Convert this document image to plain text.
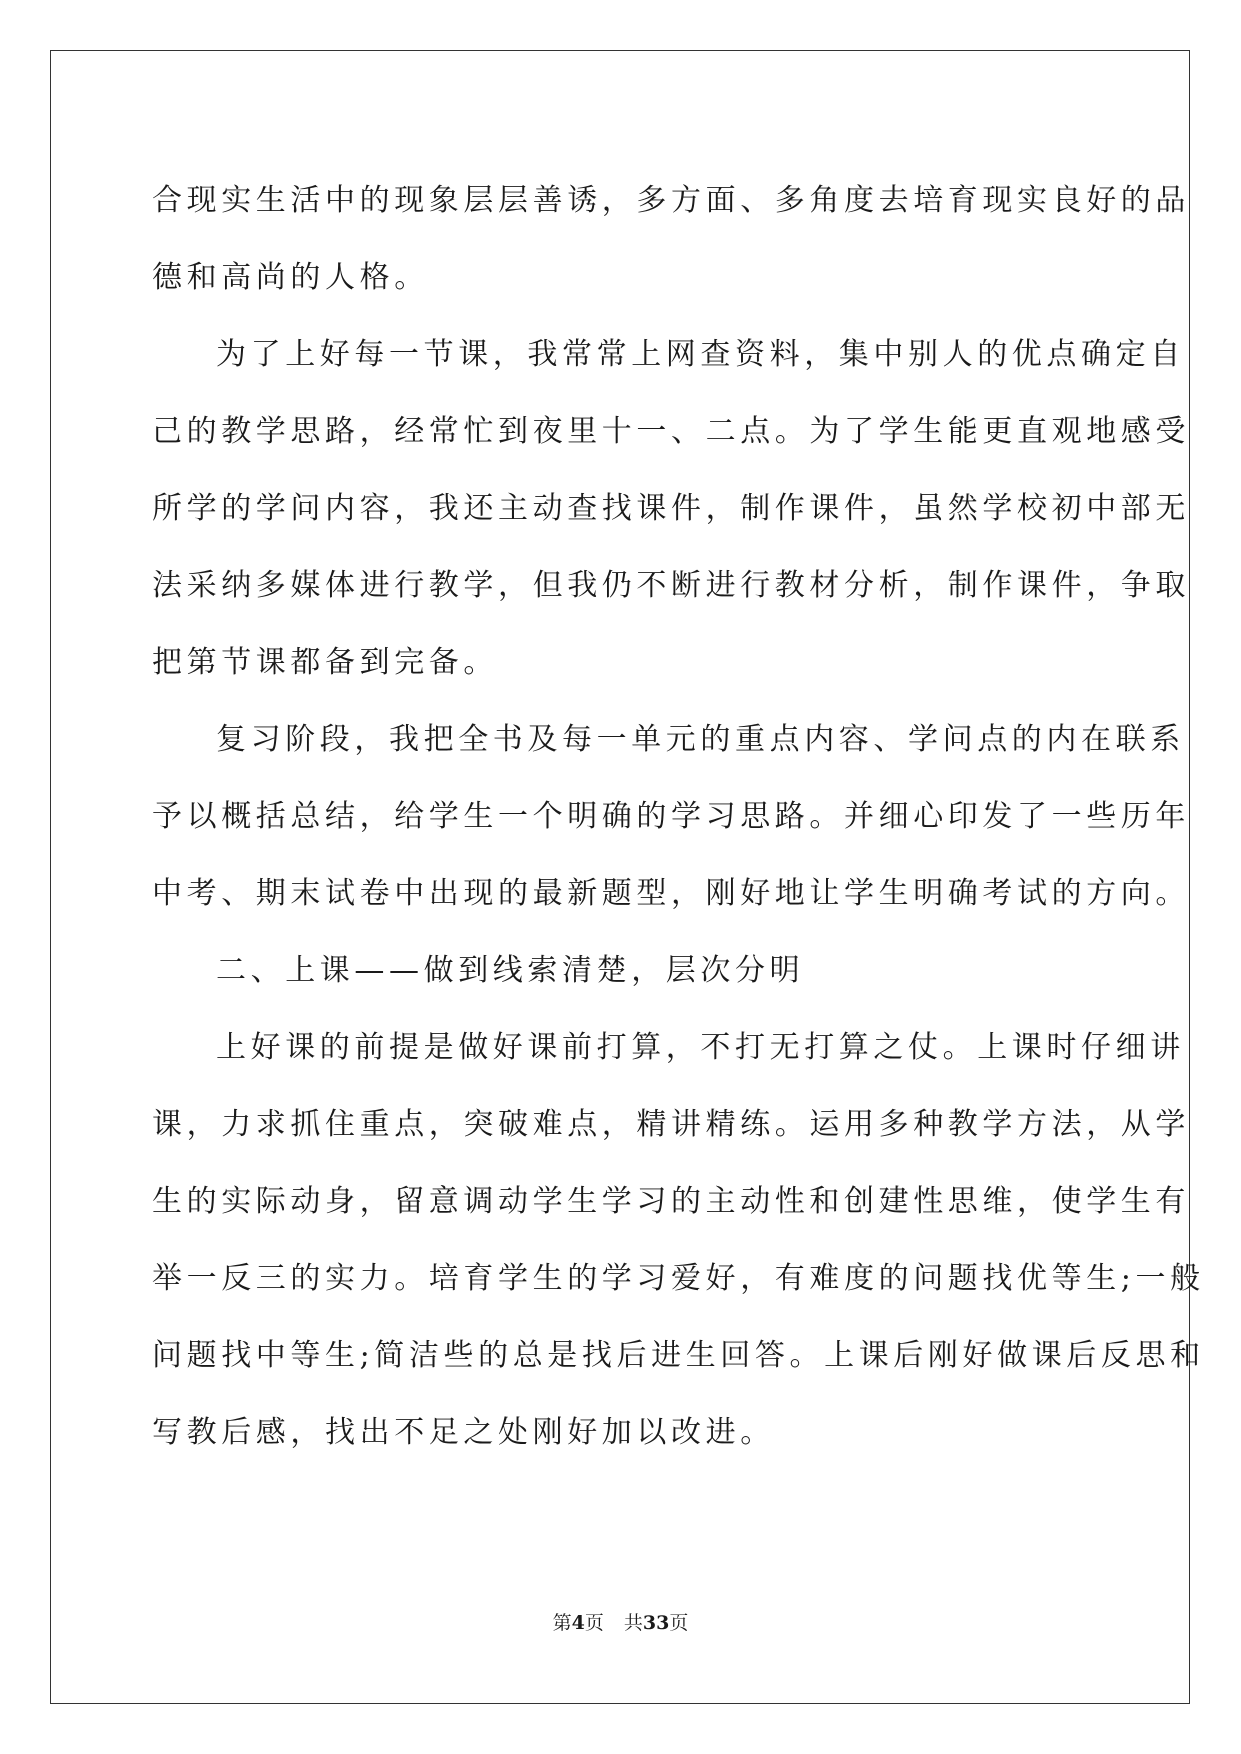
合现实生活中的现象层层善诱，多方面、多角度去培育现实良好的品
德和高尚的人格。
为了上好每一节课，我常常上网查资料，集中别人的优点确定自
己的教学思路，经常忙到夜里十一、二点。为了学生能更直观地感受
所学的学问内容，我还主动查找课件，制作课件，虽然学校初中部无
法采纳多媒体进行教学，但我仍不断进行教材分析，制作课件，争取
把第节课都备到完备。
复习阶段，我把全书及每一单元的重点内容、学问点的内在联系
予以概括总结，给学生一个明确的学习思路。并细心印发了一些历年
中考、期末试卷中出现的最新题型，刚好地让学生明确考试的方向。
二、上课——做到线索清楚，层次分明
上好课的前提是做好课前打算，不打无打算之仗。上课时仔细讲
课，力求抓住重点，突破难点，精讲精练。运用多种教学方法，从学
生的实际动身，留意调动学生学习的主动性和创建性思维，使学生有
举一反三的实力。培育学生的学习爱好，有难度的问题找优等生;一般
问题找中等生;简洁些的总是找后进生回答。上课后刚好做课后反思和
写教后感，找出不足之处刚好加以改进。
第4页 共33页
